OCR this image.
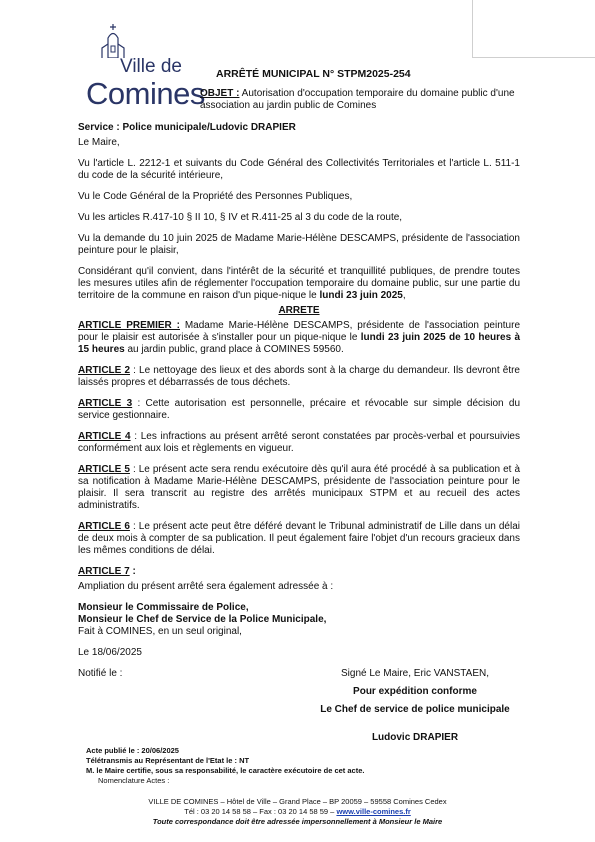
Ville de
Comines
ARRÊTÉ MUNICIPAL N° STPM2025-254
OBJET : Autorisation d'occupation temporaire du domaine public d'une association au jardin public de Comines

Service : Police municipale/Ludovic DRAPIER

Le Maire,

Vu l'article L. 2212-1 et suivants du Code Général des Collectivités Territoriales et l'article L. 511-1 du code de la sécurité intérieure,

Vu le Code Général de la Propriété des Personnes Publiques,

Vu les articles R.417-10 § II 10, § IV et R.411-25 al 3 du code de la route,

Vu la demande du 10 juin 2025 de Madame Marie-Hélène DESCAMPS, présidente de l'association peinture pour le plaisir,

Considérant qu'il convient, dans l'intérêt de la sécurité et tranquillité publiques, de prendre toutes les mesures utiles afin de réglementer l'occupation temporaire du domaine public, sur une partie du territoire de la commune en raison d'un pique-nique le lundi 23 juin 2025,

ARRETE

ARTICLE PREMIER : Madame Marie-Hélène DESCAMPS, présidente de l'association peinture pour le plaisir est autorisée à s'installer pour un pique-nique le lundi 23 juin 2025 de 10 heures à 15 heures au jardin public, grand place à COMINES 59560.

ARTICLE 2 : Le nettoyage des lieux et des abords sont à la charge du demandeur. Ils devront être laissés propres et débarrassés de tous déchets.

ARTICLE 3 : Cette autorisation est personnelle, précaire et révocable sur simple décision du service gestionnaire.

ARTICLE 4 : Les infractions au présent arrêté seront constatées par procès-verbal et poursuivies conformément aux lois et règlements en vigueur.

ARTICLE 5 : Le présent acte sera rendu exécutoire dès qu'il aura été procédé à sa publication et à sa notification à Madame Marie-Hélène DESCAMPS, présidente de l'association peinture pour le plaisir. Il sera transcrit au registre des arrêtés municipaux STPM et au recueil des actes administratifs.

ARTICLE 6 : Le présent acte peut être déféré devant le Tribunal administratif de Lille dans un délai de deux mois à compter de sa publication. Il peut également faire l'objet d'un recours gracieux dans les mêmes conditions de délai.

ARTICLE 7 :

Ampliation du présent arrêté sera également adressée à :

Monsieur le Commissaire de Police,

Monsieur le Chef de Service de la Police Municipale,

Fait à COMINES, en un seul original,

Le 18/06/2025

Notifié le :	Signé Le Maire, Eric VANSTAEN,
Pour expédition conforme
Le Chef de service de police municipale
Ludovic DRAPIER
Acte publié le : 20/06/2025
Télétransmis au Représentant de l'Etat le : NT
M. le Maire certifie, sous sa responsabilité, le caractère exécutoire de cet acte.
Nomenclature Actes :
VILLE DE COMINES – Hôtel de Ville – Grand Place – BP 20059 – 59558 Comines Cedex
Tél : 03 20 14 58 58 – Fax : 03 20 14 58 59 – www.ville-comines.fr
Toute correspondance doit être adressée impersonnellement à Monsieur le Maire
